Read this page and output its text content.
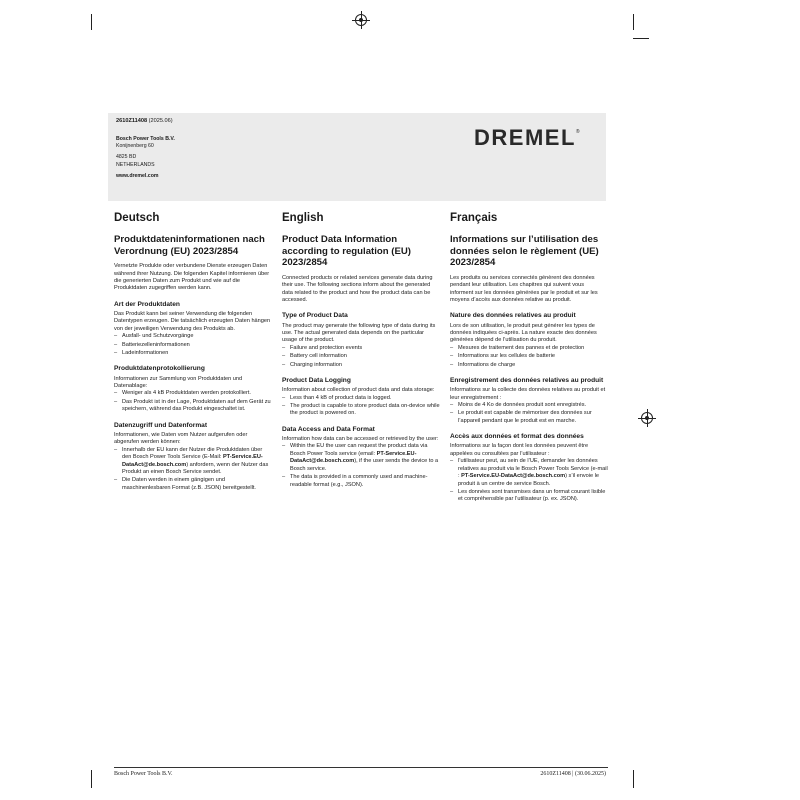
2610Z11408 (2025.06)
Bosch Power Tools B.V.
Konijnenberg 60
4825 BD
NETHERLANDS
www.dremel.com
DREMEL®
Deutsch
Produktdateninformationen nach Verordnung (EU) 2023/2854
Vernetzte Produkte oder verbundene Dienste erzeugen Daten während ihrer Nutzung. Die folgenden Kapitel informieren über die generierten Daten zum Produkt und wie auf die Produktdaten zugegriffen werden kann.
Art der Produktdaten
Das Produkt kann bei seiner Verwendung die folgenden Datentypen erzeugen. Die tatsächlich erzeugten Daten hängen von der jeweiligen Verwendung des Produkts ab.
– Ausfall- und Schutzvorgänge
– Batteriezelleninformationen
– Ladeinformationen
Produktdatenprotokollierung
Informationen zur Sammlung von Produktdaten und Datenablage:
– Weniger als 4 kB Produktdaten werden protokolliert.
– Das Produkt ist in der Lage, Produktdaten auf dem Gerät zu speichern, während das Produkt eingeschaltet ist.
Datenzugriff und Datenformat
Informationen, wie Daten vom Nutzer aufgerufen oder abgerufen werden können:
– Innerhalb der EU kann der Nutzer die Produktdaten über den Bosch Power Tools Service (E-Mail: PT-Service.EU-DataAct@de.bosch.com) anfordern, wenn der Nutzer das Produkt an einen Bosch Service sendet.
– Die Daten werden in einem gängigen und maschinenlesbaren Format (z.B. JSON) bereitgestellt.
English
Product Data Information according to regulation (EU) 2023/2854
Connected products or related services generate data during their use. The following sections inform about the generated data related to the product and how the product data can be accessed.
Type of Product Data
The product may generate the following type of data during its use. The actual generated data depends on the particular usage of the product.
– Failure and protection events
– Battery cell information
– Charging information
Product Data Logging
Information about collection of product data and data storage:
– Less than 4 kB of product data is logged.
– The product is capable to store product data on-device while the product is powered on.
Data Access and Data Format
Information how data can be accessed or retrieved by the user:
– Within the EU the user can request the product data via Bosch Power Tools service (email: PT-Service.EU-DataAct@de.bosch.com), if the user sends the device to a Bosch service.
– The data is provided in a commonly used and machine-readable format (e.g., JSON).
Français
Informations sur l’utilisation des données selon le règlement (UE) 2023/2854
Les produits ou services connectés génèrent des données pendant leur utilisation. Les chapitres qui suivent vous informent sur les données générées par le produit et sur les moyens d’accès aux données relative au produit.
Nature des données relatives au produit
Lors de son utilisation, le produit peut générer les types de données indiquées ci-après. La nature exacte des données générées dépend de l’utilisation du produit.
– Mesures de traitement des pannes et de protection
– Informations sur les cellules de batterie
– Informations de charge
Enregistrement des données relatives au produit
Informations sur la collecte des données relatives au produit et leur enregistrement :
– Moins de 4 Ko de données produit sont enregistrés.
– Le produit est capable de mémoriser des données sur l’appareil pendant que le produit est en marche.
Accès aux données et format des données
Informations sur la façon dont les données peuvent être appelées ou consultées par l’utilisateur :
– l’utilisateur peut, au sein de l’UE, demander les données relatives au produit via le Bosch Power Tools Service (e-mail : PT-Service.EU-DataAct@de.bosch.com) s’il envoie le produit à un centre de service Bosch.
– Les données sont transmises dans un format courant lisible et compréhensible par l’utilisateur (p. ex. JSON).
Bosch Power Tools B.V.	2610Z11408 | (30.06.2025)
